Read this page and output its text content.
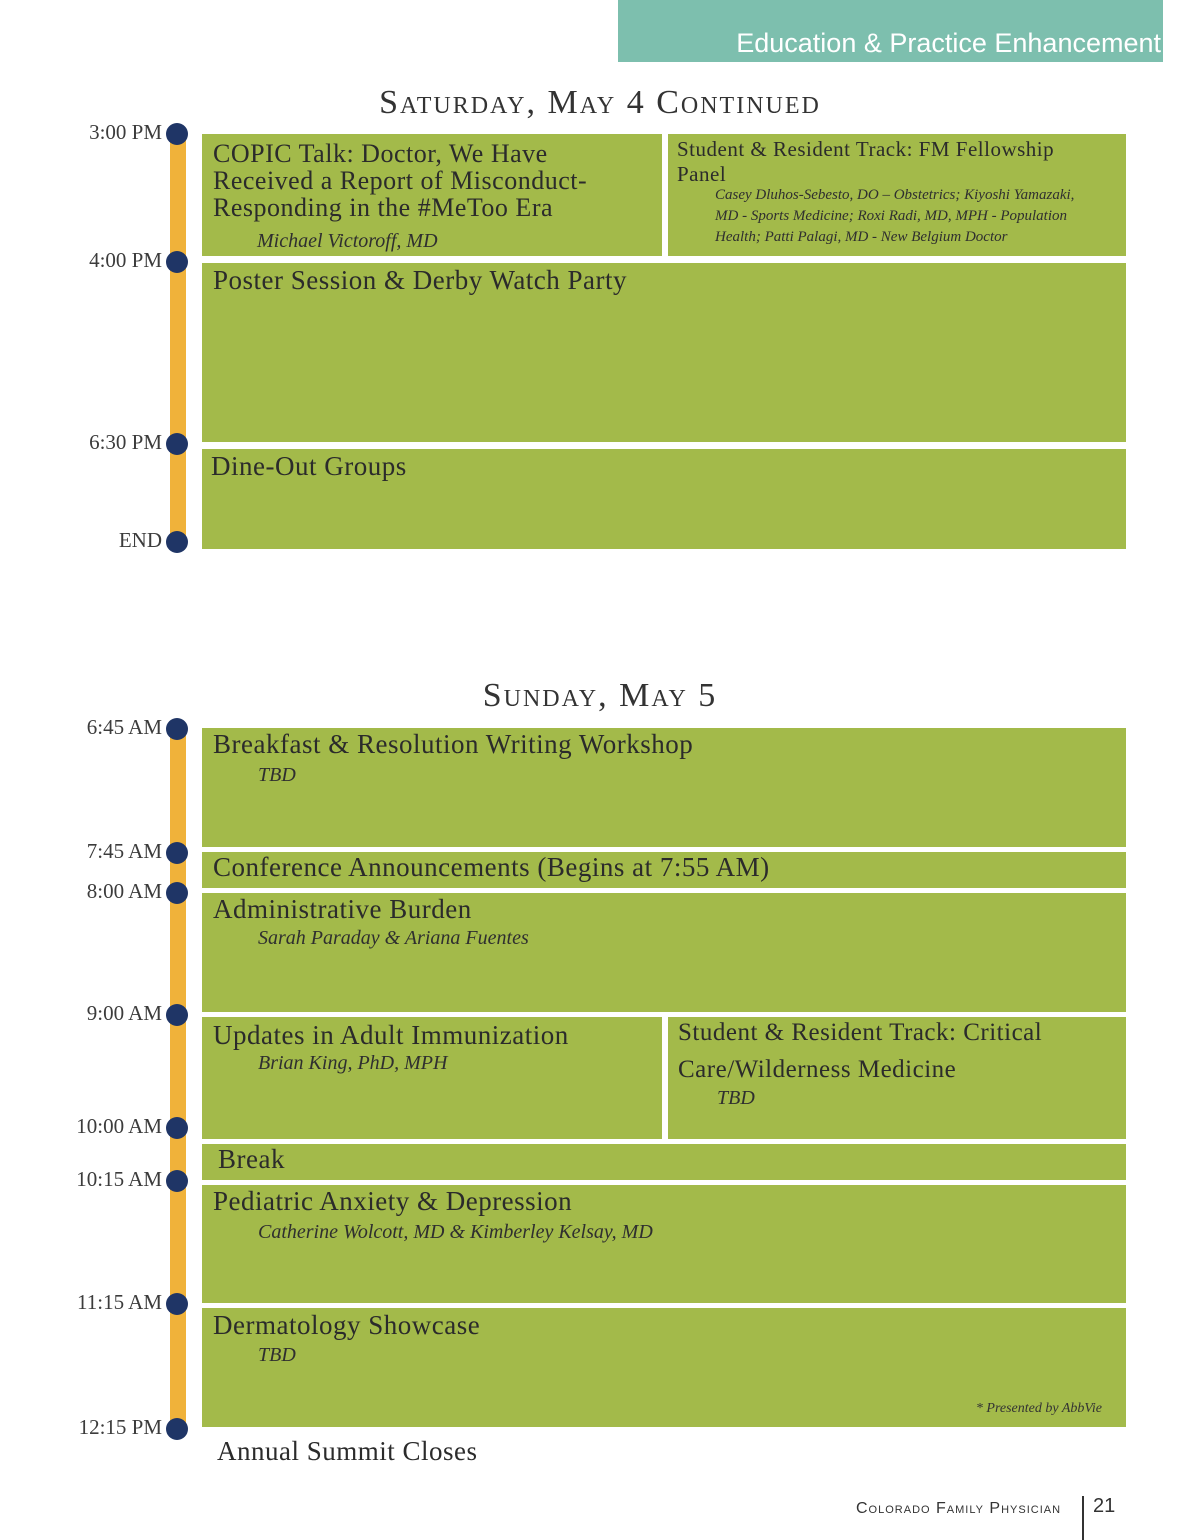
Education & Practice Enhancement
Saturday, May 4 Continued
3:00 PM
4:00 PM
6:30 PM
END
COPIC Talk: Doctor, We Have
Received a Report of Misconduct-
Responding in the #MeToo Era
Michael Victoroff, MD
Student & Resident Track: FM Fellowship
Panel
Casey Dluhos-Sebesto, DO – Obstetrics; Kiyoshi Yamazaki,
MD - Sports Medicine; Roxi Radi, MD, MPH - Population
Health; Patti Palagi, MD - New Belgium Doctor
Poster Session & Derby Watch Party
Dine-Out Groups
Sunday, May 5
6:45 AM
7:45 AM
8:00 AM
9:00 AM
10:00 AM
10:15 AM
11:15 AM
12:15 PM
Breakfast & Resolution Writing Workshop
TBD
Conference Announcements (Begins at 7:55 AM)
Administrative Burden
Sarah Paraday & Ariana Fuentes
Updates in Adult Immunization
Brian King, PhD, MPH
Student & Resident Track: Critical
Care/Wilderness Medicine
TBD
Break
Pediatric Anxiety & Depression
Catherine Wolcott, MD & Kimberley Kelsay, MD
Dermatology Showcase
TBD
* Presented by AbbVie
Annual Summit Closes
Colorado Family Physician 21
